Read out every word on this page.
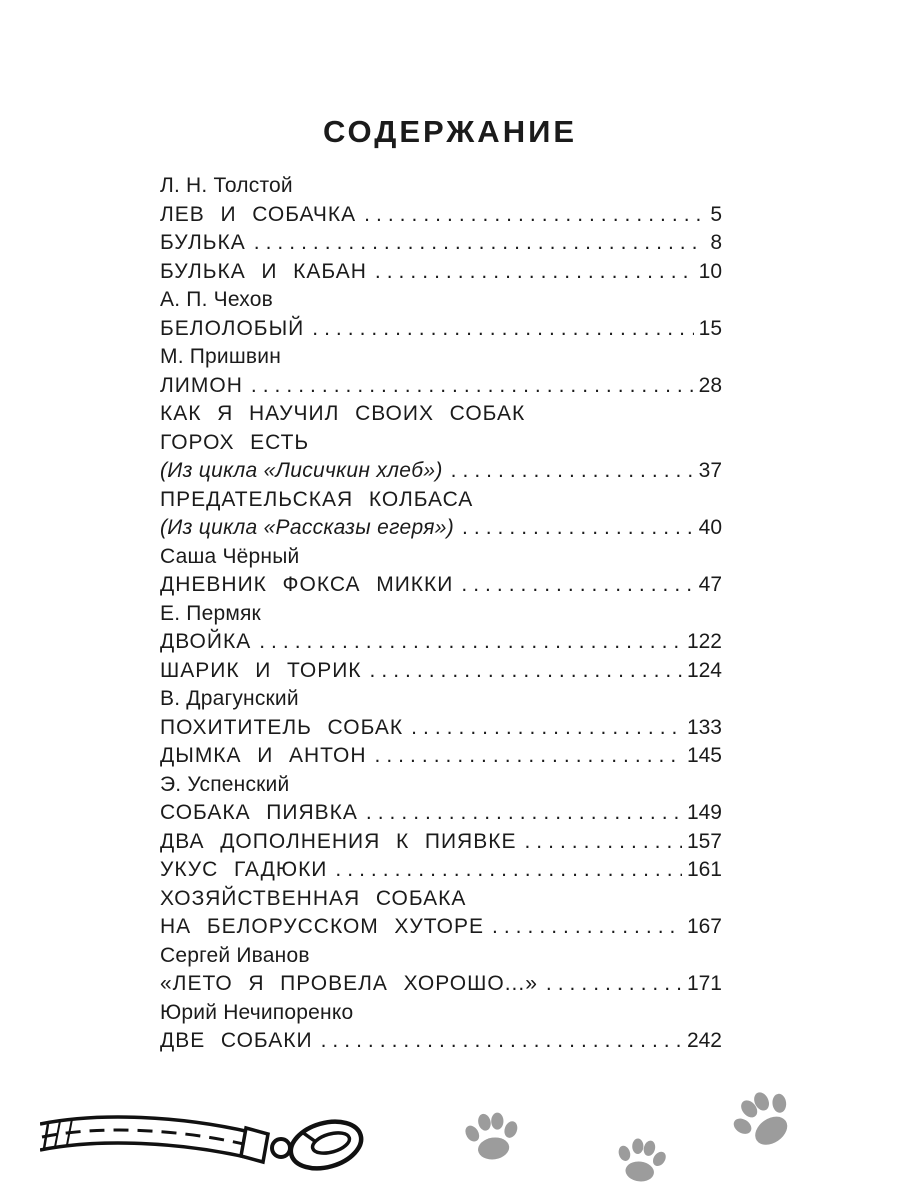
СОДЕРЖАНИЕ
Л. Н. Толстой
ЛЕВ И СОБАЧКА .....	5
БУЛЬКА .....	8
БУЛЬКА И КАБАН .....	10
А. П. Чехов
БЕЛОЛОБЫЙ .....	15
М. Пришвин
ЛИМОН .....	28
КАК Я НАУЧИЛ СВОИХ СОБАК
ГОРОХ ЕСТЬ
(Из цикла «Лисичкин хлеб») .....	37
ПРЕДАТЕЛЬСКАЯ КОЛБАСА
(Из цикла «Рассказы егеря») .....	40
Саша Чёрный
ДНЕВНИК ФОКСА МИККИ .....	47
Е. Пермяк
ДВОЙКА .....	122
ШАРИК И ТОРИК .....	124
В. Драгунский
ПОХИТИТЕЛЬ СОБАК .....	133
ДЫМКА И АНТОН .....	145
Э. Успенский
СОБАКА ПИЯВКА .....	149
ДВА ДОПОЛНЕНИЯ К ПИЯВКЕ .....	157
УКУС ГАДЮКИ .....	161
ХОЗЯЙСТВЕННАЯ СОБАКА
НА БЕЛОРУССКОМ ХУТОРЕ .....	167
Сергей Иванов
«ЛЕТО Я ПРОВЕЛА ХОРОШО...» .....	171
Юрий Нечипоренко
ДВЕ СОБАКИ .....	242
